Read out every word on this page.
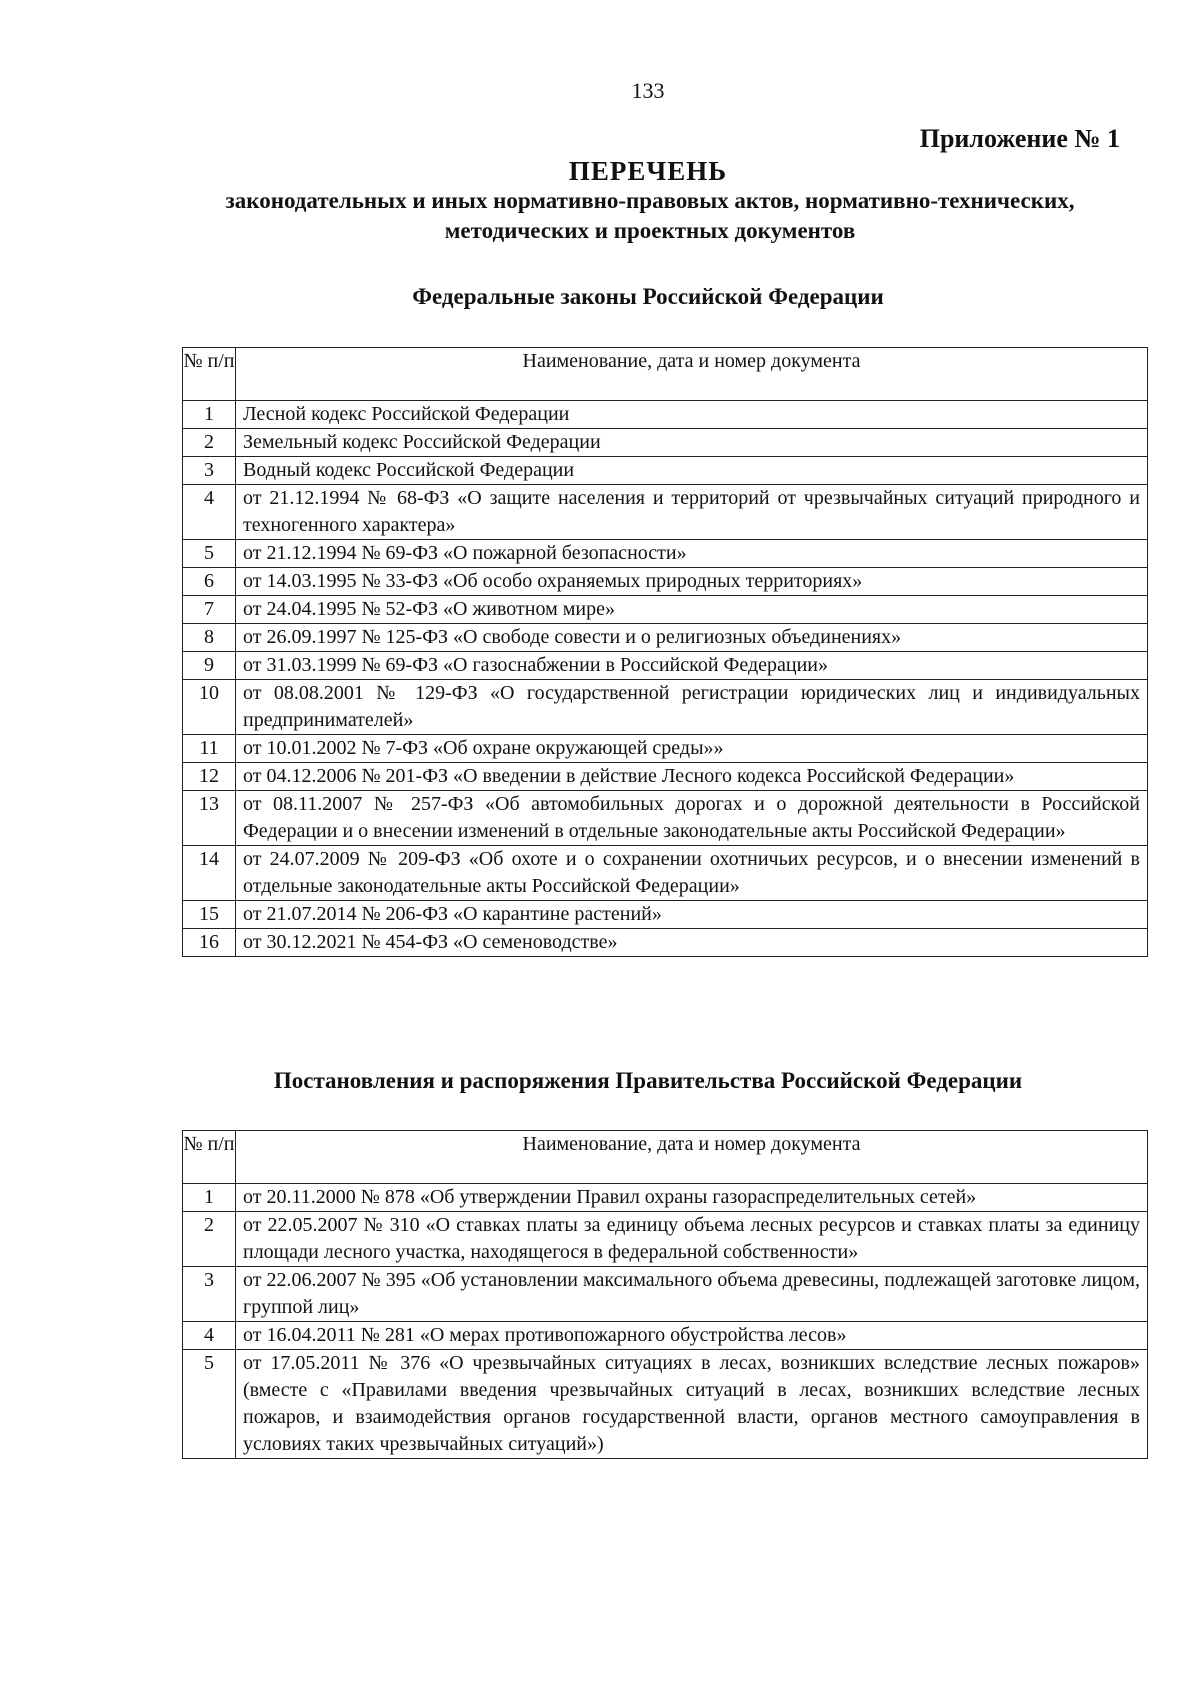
133
Приложение № 1
ПЕРЕЧЕНЬ
законодательных и иных нормативно-правовых актов, нормативно-технических, методических и проектных документов
Федеральные законы Российской Федерации
№ п/п	Наименование, дата и номер документа

1	Лесной кодекс Российской Федерации
2	Земельный кодекс Российской Федерации
3	Водный кодекс Российской Федерации
4	от 21.12.1994 № 68-ФЗ «О защите населения и территорий от чрезвычайных ситуаций природного и техногенного характера»
5	от 21.12.1994 № 69-ФЗ «О пожарной безопасности»
6	от 14.03.1995 № 33-ФЗ «Об особо охраняемых природных территориях»
7	от 24.04.1995 № 52-ФЗ «О животном мире»
8	от 26.09.1997 № 125-ФЗ «О свободе совести и о религиозных объединениях»
9	от 31.03.1999 № 69-ФЗ «О газоснабжении в Российской Федерации»
10	от 08.08.2001 № 129-ФЗ «О государственной регистрации юридических лиц и индивидуальных предпринимателей»
11	от 10.01.2002 № 7-ФЗ «Об охране окружающей среды»»
12	от 04.12.2006 № 201-ФЗ «О введении в действие Лесного кодекса Российской Федерации»
13	от 08.11.2007 № 257-ФЗ «Об автомобильных дорогах и о дорожной деятельности в Российской Федерации и о внесении изменений в отдельные законодательные акты Российской Федерации»
14	от 24.07.2009 № 209-ФЗ «Об охоте и о сохранении охотничьих ресурсов, и о внесении изменений в отдельные законодательные акты Российской Федерации»
15	от 21.07.2014 № 206-ФЗ «О карантине растений»
16	от 30.12.2021 № 454-ФЗ «О семеноводстве»
Постановления и распоряжения Правительства Российской Федерации
№ п/п	Наименование, дата и номер документа

1	от 20.11.2000 № 878 «Об утверждении Правил охраны газораспределительных сетей»
2	от 22.05.2007 № 310 «О ставках платы за единицу объема лесных ресурсов и ставках платы за единицу площади лесного участка, находящегося в федеральной собственности»
3	от 22.06.2007 № 395 «Об установлении максимального объема древесины, подлежащей заготовке лицом, группой лиц»
4	от 16.04.2011 № 281 «О мерах противопожарного обустройства лесов»
5	от 17.05.2011 № 376 «О чрезвычайных ситуациях в лесах, возникших вследствие лесных пожаров» (вместе с «Правилами введения чрезвычайных ситуаций в лесах, возникших вследствие лесных пожаров, и взаимодействия органов государственной власти, органов местного самоуправления в условиях таких чрезвычайных ситуаций»)
